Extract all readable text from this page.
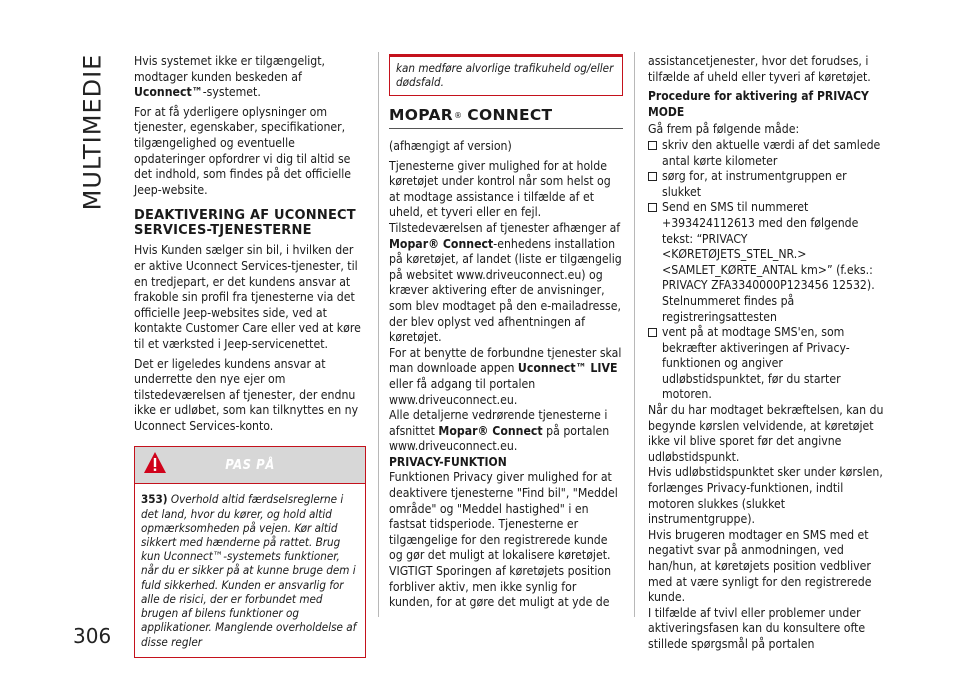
MULTIMEDIE
306

Hvis systemet ikke er tilgængeligt, modtager kunden beskeden af Uconnect™-systemet.

For at få yderligere oplysninger om tjenester, egenskaber, specifikationer, tilgængelighed og eventuelle opdateringer opfordrer vi dig til altid se det indhold, som findes på det officielle Jeep-website.

DEAKTIVERING AF UCONNECT SERVICES-TJENESTERNE

Hvis Kunden sælger sin bil, i hvilken der er aktive Uconnect Services-tjenester, til en tredjepart, er det kundens ansvar at frakoble sin profil fra tjenesterne via det officielle Jeep-websites side, ved at kontakte Customer Care eller ved at køre til et værksted i Jeep-servicenettet.

Det er ligeledes kundens ansvar at underrette den nye ejer om tilstedeværelsen af tjenester, der endnu ikke er udløbet, som kan tilknyttes en ny Uconnect Services-konto.

PAS PÅ
353) Overhold altid færdselsreglerne i det land, hvor du kører, og hold altid opmærksomheden på vejen. Kør altid sikkert med hænderne på rattet. Brug kun Uconnect™-systemets funktioner, når du er sikker på at kunne bruge dem i fuld sikkerhed. Kunden er ansvarlig for alle de risici, der er forbundet med brugen af bilens funktioner og applikationer. Manglende overholdelse af disse regler
kan medføre alvorlige trafikuheld og/eller dødsfald.
MOPAR ® CONNECT

(afhængigt af version)

Tjenesterne giver mulighed for at holde køretøjet under kontrol når som helst og at modtage assistance i tilfælde af et uheld, et tyveri eller en fejl.

Tilstedeværelsen af tjenester afhænger af Mopar® Connect-enhedens installation på køretøjet, af landet (liste er tilgængelig på websitet www.driveuconnect.eu) og kræver aktivering efter de anvisninger, som blev modtaget på den e-mailadresse, der blev oplyst ved afhentningen af køretøjet.

For at benytte de forbundne tjenester skal man downloade appen Uconnect™ LIVE eller få adgang til portalen www.driveuconnect.eu.

Alle detaljerne vedrørende tjenesterne i afsnittet Mopar® Connect på portalen www.driveuconnect.eu.

PRIVACY-FUNKTION

Funktionen Privacy giver mulighed for at deaktivere tjenesterne "Find bil", "Meddel område" og "Meddel hastighed" i en fastsat tidsperiode. Tjenesterne er tilgængelige for den registrerede kunde og gør det muligt at lokalisere køretøjet.

VIGTIGT Sporingen af køretøjets position forbliver aktiv, men ikke synlig for kunden, for at gøre det muligt at yde de

assistancetjenester, hvor det forudses, i tilfælde af uheld eller tyveri af køretøjet.

Procedure for aktivering af PRIVACY MODE

Gå frem på følgende måde:

skriv den aktuelle værdi af det samlede antal kørte kilometer
sørg for, at instrumentgruppen er slukket
Send en SMS til nummeret +393424112613 med den følgende tekst: “PRIVACY <KØRETØJETS_STEL_NR.> <SAMLET_KØRTE_ANTAL km>” (f.eks.: PRIVACY ZFA3340000P123456 12532). Stelnummeret findes på registreringsattesten
vent på at modtage SMS'en, som bekræfter aktiveringen af Privacy-funktionen og angiver udløbstidspunktet, før du starter motoren.

Når du har modtaget bekræftelsen, kan du begynde kørslen velvidende, at køretøjet ikke vil blive sporet før det angivne udløbstidspunkt.

Hvis udløbstidspunktet sker under kørslen, forlænges Privacy-funktionen, indtil motoren slukkes (slukket instrumentgruppe).

Hvis brugeren modtager en SMS med et negativt svar på anmodningen, ved han/hun, at køretøjets position vedbliver med at være synligt for den registrerede kunde.

I tilfælde af tvivl eller problemer under aktiveringsfasen kan du konsultere ofte stillede spørgsmål på portalen
